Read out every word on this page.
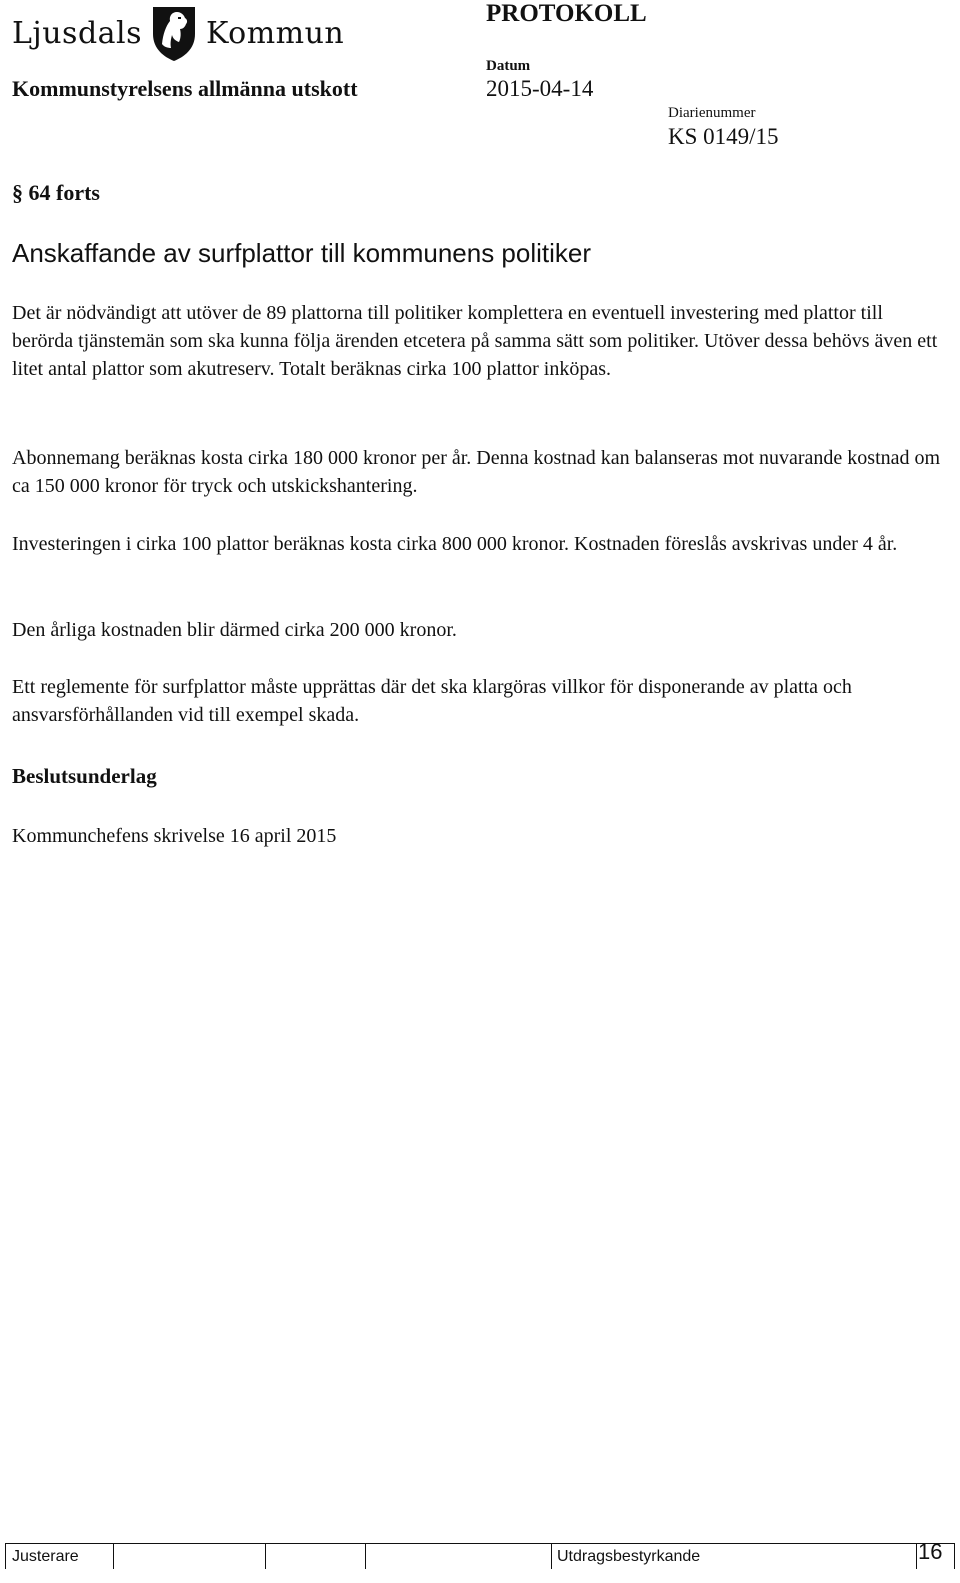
Ljusdals Kommun
PROTOKOLL
Kommunstyrelsens allmänna utskott
Datum
2015-04-14
Diarienummer
KS 0149/15
§ 64 forts
Anskaffande av surfplattor till kommunens politiker
Det är nödvändigt att utöver de 89 plattorna till politiker komplettera en eventuell investering med plattor till berörda tjänstemän som ska kunna följa ärenden etcetera på samma sätt som politiker. Utöver dessa behövs även ett litet antal plattor som akutreserv. Totalt beräknas cirka 100 plattor inköpas.
Abonnemang beräknas kosta cirka 180 000 kronor per år. Denna kostnad kan balanseras mot nuvarande kostnad om ca 150 000 kronor för tryck och utskickshantering.
Investeringen i cirka 100 plattor beräknas kosta cirka 800 000 kronor. Kostnaden föreslås avskrivas under 4 år.
Den årliga kostnaden blir därmed cirka 200 000 kronor.
Ett reglemente för surfplattor måste upprättas där det ska klargöras villkor för disponerande av platta och ansvarsförhållanden vid till exempel skada.
Beslutsunderlag
Kommunchefens skrivelse 16 april 2015
Justerare	Utdragsbestyrkande	16
